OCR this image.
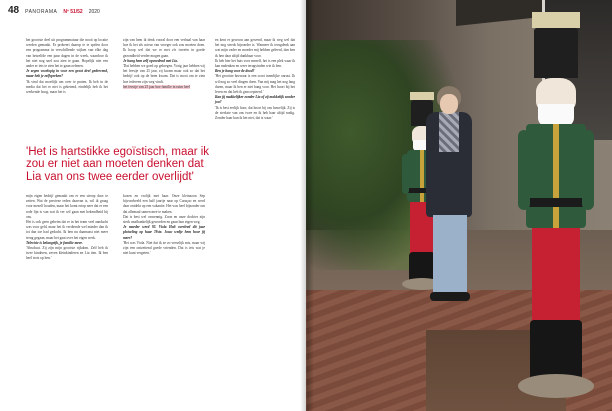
48 PANORAMA Nº 51/52 2020

het grootste deel uit programmatuur die nooit op locatie werden gemaakt. Er probeert daarop te te spelen door een programma in verschillende wijken van elke dag van hetzelfde een paar dagen in de week, waardoor ik het niet nog snel zou zien te gaan. Hopelijk niet een ander er iets te zien het te gaan oefenen.

Je zegen voorlopig in voor een groot deel gedrevend, maar heb je zelfspreken?

'Ik vind dat moeilijk om over te praten. Ik heb in de media dat het er niet is geketend, eindelijk heb ik het werkende hoog, maar het is

'Het is hartstikke egoïstisch, maar ik zou er niet aan moeten denken dat Lia van ons twee eerder overlijdt'

mijn eigen bedrijf gemaakt om er een sterop door te zetten. Wat de precieze reden daarvan is, wil ik graag voor mezelf houden, maar het komt ertop neer dat er een rode lijn is van wat ik ver wil gaan met bekendheid bij ons.

Het is ook geen geheim dat er in het team veel aandacht was voor geld, maar het ik verdiende wel minder dan ik tot dan toe had gedacht. Ik ben nu daarnaast niet meer terug gegaan, maar het gaat over het eigen werk.

Televisie is belangrijk, je familie meer.

'Absoluut. Zij zijn mijn grootste rijkdom. Zelf heb ik twee kinderen, zeven kleinkinderen en Lia tien. Ik ben heel trots op hen.'

zijn van hem ik denk vooral door een verhaal van haar hoe ik het als acteur van vroeger ook zou moeten doen. Ik hoop wel dat we er met z'n tweeën in goede gezondheid verder mogen gaan.

Je hang hem zelf opvoedend met Lia.

'Dat hebben we goed op gekregen. Vorig jaar hebben wij het feestje van 25 jaar, zij kwam maar ook zo dat het bedrijf ook op de been kwam. Dat is mooi om te zien hoe iedereen zijn weg vindt.

het feestje van 25 jaar hoe familie in ruim heel

kozen en vrolijk met haar. Onze kleinzoon Sep bijvoorbeeld een half jaartje naar op Curaçao en werd daar ontdekt op een vakantie. Het was heel bijzonder om dat allemaal samen mee te maken.

Dat is best wel onwennig. Zoon en onze dochter zijn sterk onafhankelijk geworden en gaan hun eigen weg.

Je moeder werd 92. Viola Holt overleed dit jaar plotseling op haar 78ste. Jouw wedje hem hoor jij meer?

'Het was Viola. Niet dat ik ze zo vreselijk mis, maar wij zijn een ontzettend goede vrienden. Dat is iets wat je niet kunt vergeten.'

en kent er gewoon aan gewend, maar ik weg wel dat het nog steeds bijzonder is. Wanneer ik terugdenk aan wat mijn vader en moeder mij hebben geleerd, dan ben ik hen daar altijd dankbaar voor.

Ik heb hier het huis voor mezelf, het is een plek waar ik kan nadenken en weer terugvinden wie ik ben.

Ben je bang voor de dood?

'Het grootste bezwaar is een soort innerlijke onrust. Ik wil nog zo veel dingen doen. Van mij mag het nog lang duren, maar ik ben er niet bang voor. Het hoort bij het leven en dat heb ik geaccepteerd.'

Kan jij makkelijker zonder Lia of zij makkelijk zonder jou?

'Ik is best eerlijk hoor, dat hoort bij ons huwelijk. Zij is de sterkste van ons twee en ik heb haar altijd nodig. Zonder haar kan ik het niet, dat is waar.'
